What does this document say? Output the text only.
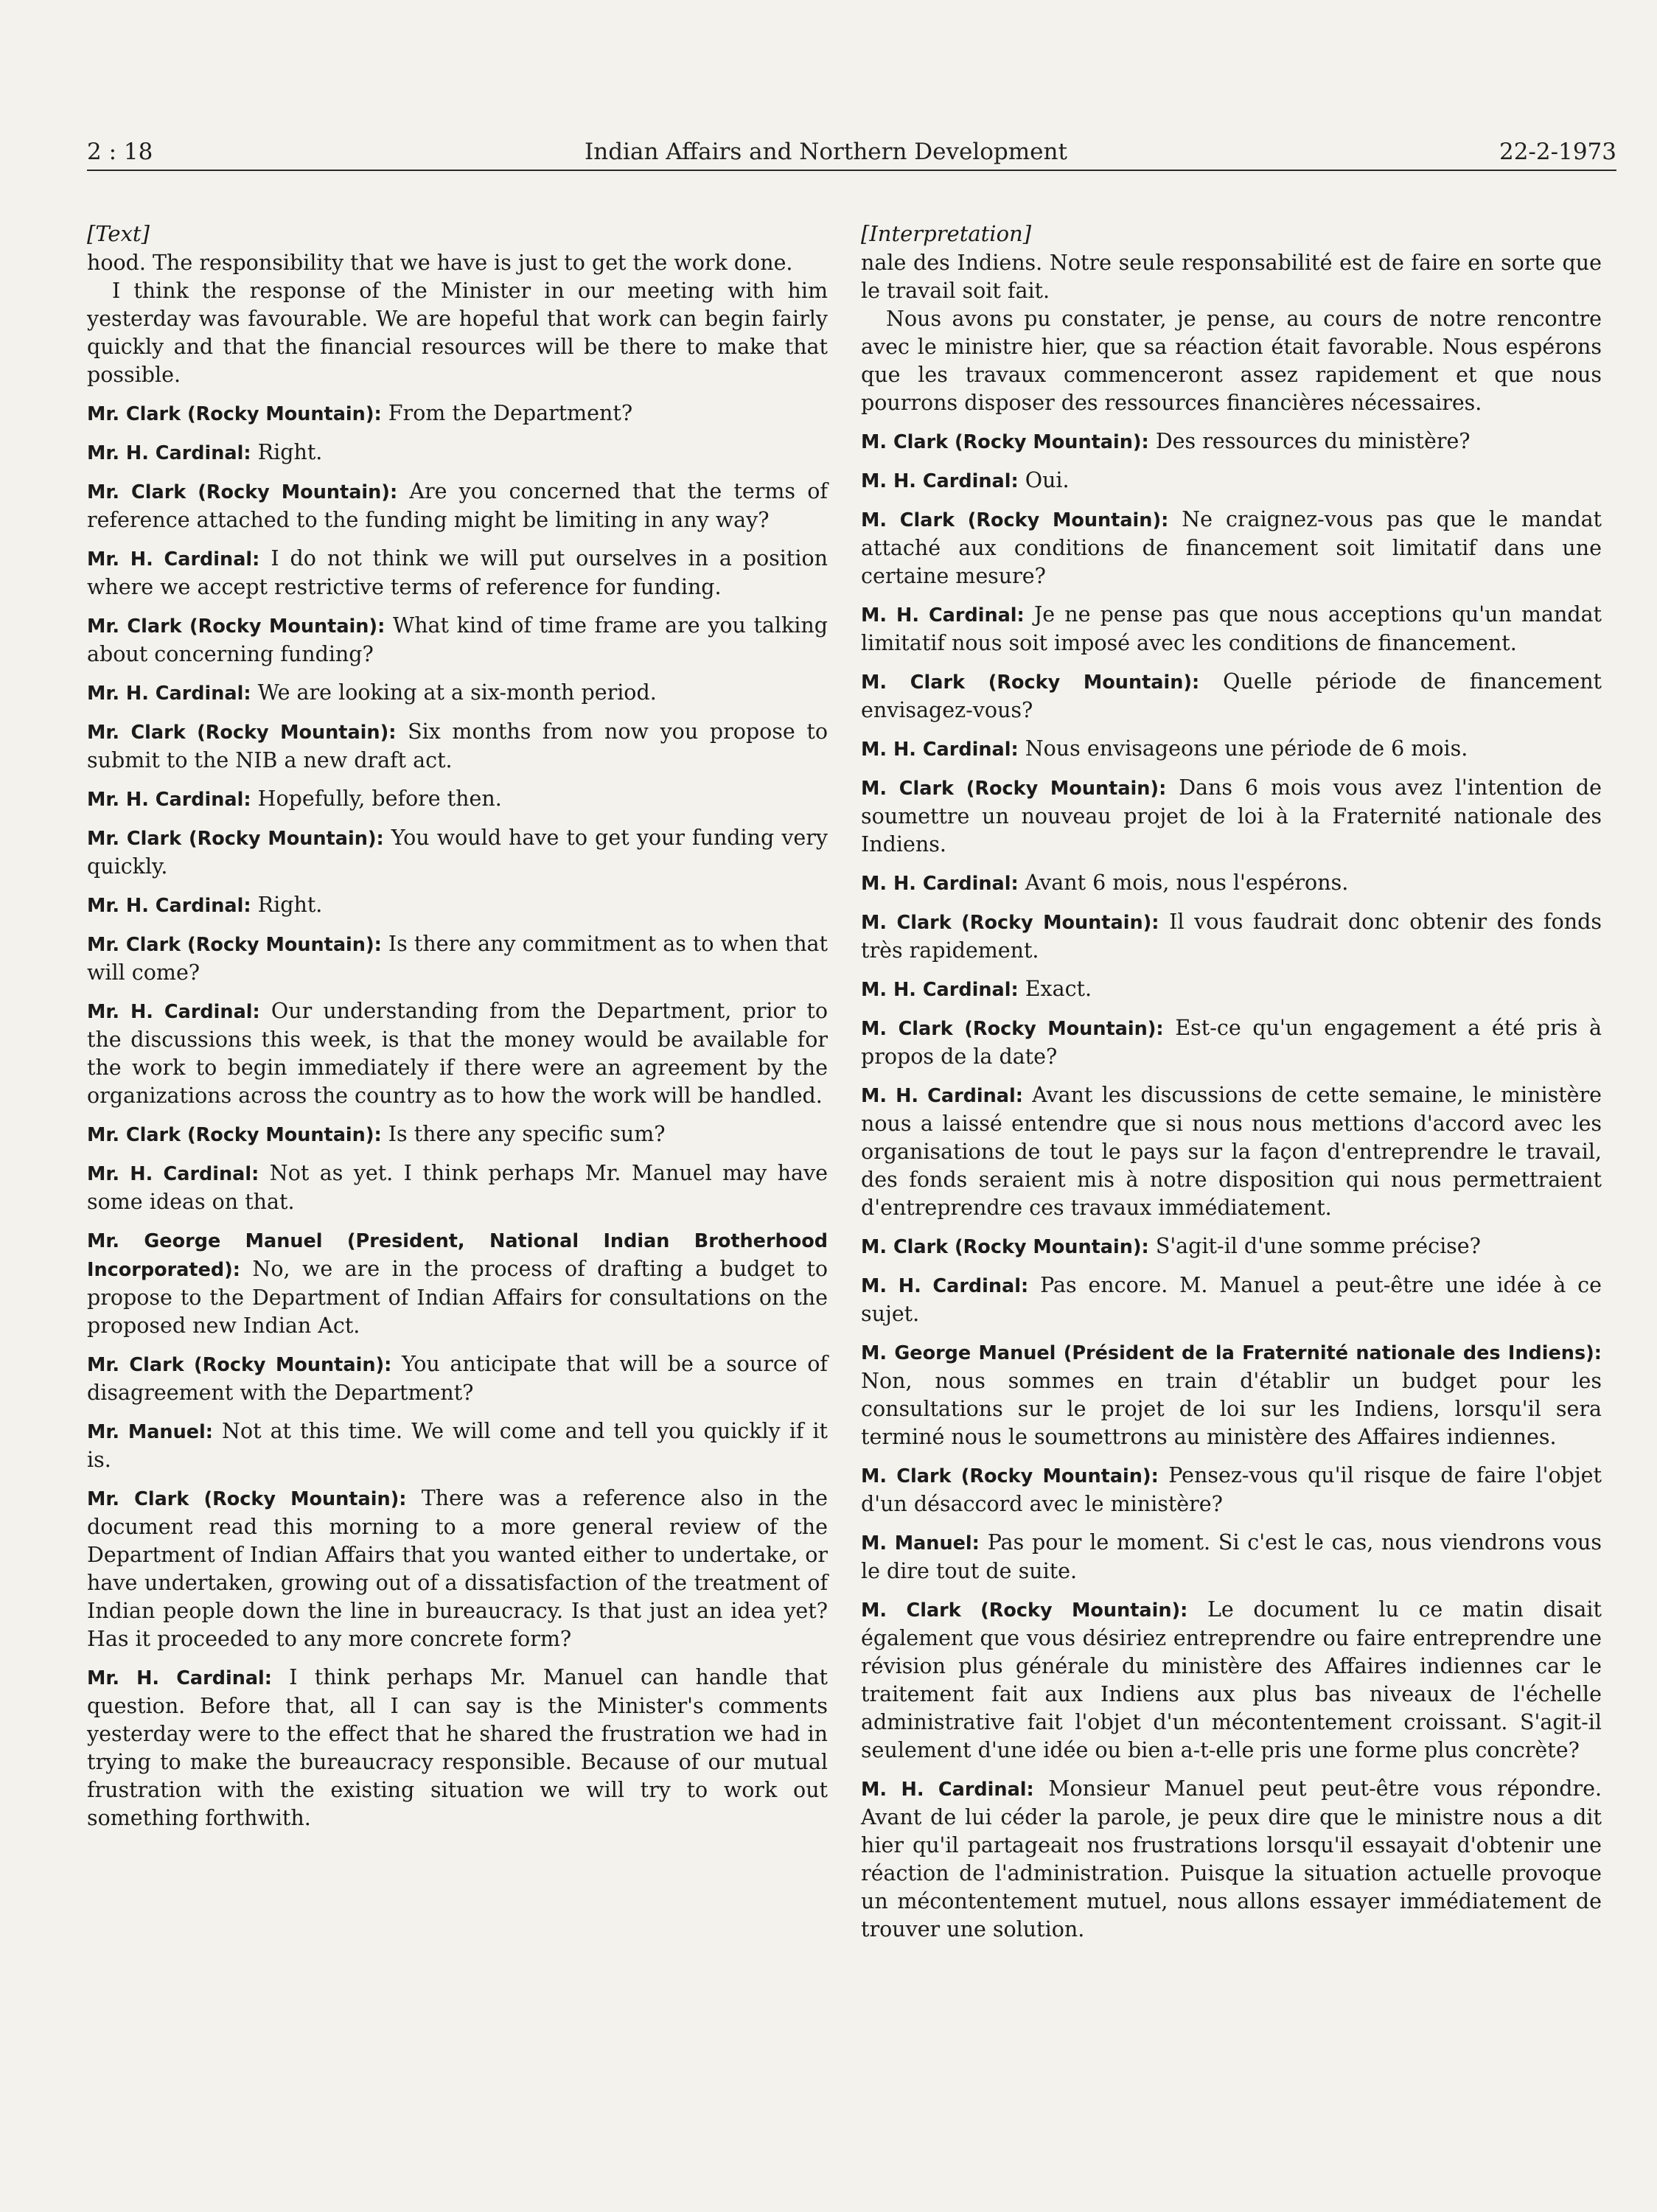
2 : 18	Indian Affairs and Northern Development	22-2-1973
[Text]

hood. The responsibility that we have is just to get the work done.

I think the response of the Minister in our meeting with him yesterday was favourable. We are hopeful that work can begin fairly quickly and that the financial resources will be there to make that possible.

Mr. Clark (Rocky Mountain): From the Department?

Mr. H. Cardinal: Right.

Mr. Clark (Rocky Mountain): Are you concerned that the terms of reference attached to the funding might be limiting in any way?

Mr. H. Cardinal: I do not think we will put ourselves in a position where we accept restrictive terms of reference for funding.

Mr. Clark (Rocky Mountain): What kind of time frame are you talking about concerning funding?

Mr. H. Cardinal: We are looking at a six-month period.

Mr. Clark (Rocky Mountain): Six months from now you propose to submit to the NIB a new draft act.

Mr. H. Cardinal: Hopefully, before then.

Mr. Clark (Rocky Mountain): You would have to get your funding very quickly.

Mr. H. Cardinal: Right.

Mr. Clark (Rocky Mountain): Is there any commitment as to when that will come?

Mr. H. Cardinal: Our understanding from the Department, prior to the discussions this week, is that the money would be available for the work to begin immediately if there were an agreement by the organizations across the country as to how the work will be handled.

Mr. Clark (Rocky Mountain): Is there any specific sum?

Mr. H. Cardinal: Not as yet. I think perhaps Mr. Manuel may have some ideas on that.

Mr. George Manuel (President, National Indian Brotherhood Incorporated): No, we are in the process of drafting a budget to propose to the Department of Indian Affairs for consultations on the proposed new Indian Act.

Mr. Clark (Rocky Mountain): You anticipate that will be a source of disagreement with the Department?

Mr. Manuel: Not at this time. We will come and tell you quickly if it is.

Mr. Clark (Rocky Mountain): There was a reference also in the document read this morning to a more general review of the Department of Indian Affairs that you wanted either to undertake, or have undertaken, growing out of a dissatisfaction of the treatment of Indian people down the line in bureaucracy. Is that just an idea yet? Has it proceeded to any more concrete form?

Mr. H. Cardinal: I think perhaps Mr. Manuel can handle that question. Before that, all I can say is the Minister's comments yesterday were to the effect that he shared the frustration we had in trying to make the bureaucracy responsible. Because of our mutual frustration with the existing situation we will try to work out something forthwith.

[Interpretation]

nale des Indiens. Notre seule responsabilité est de faire en sorte que le travail soit fait.

Nous avons pu constater, je pense, au cours de notre rencontre avec le ministre hier, que sa réaction était favorable. Nous espérons que les travaux commenceront assez rapidement et que nous pourrons disposer des ressources financières nécessaires.

M. Clark (Rocky Mountain): Des ressources du ministère?

M. H. Cardinal: Oui.

M. Clark (Rocky Mountain): Ne craignez-vous pas que le mandat attaché aux conditions de financement soit limitatif dans une certaine mesure?

M. H. Cardinal: Je ne pense pas que nous acceptions qu'un mandat limitatif nous soit imposé avec les conditions de financement.

M. Clark (Rocky Mountain): Quelle période de financement envisagez-vous?

M. H. Cardinal: Nous envisageons une période de 6 mois.

M. Clark (Rocky Mountain): Dans 6 mois vous avez l'intention de soumettre un nouveau projet de loi à la Fraternité nationale des Indiens.

M. H. Cardinal: Avant 6 mois, nous l'espérons.

M. Clark (Rocky Mountain): Il vous faudrait donc obtenir des fonds très rapidement.

M. H. Cardinal: Exact.

M. Clark (Rocky Mountain): Est-ce qu'un engagement a été pris à propos de la date?

M. H. Cardinal: Avant les discussions de cette semaine, le ministère nous a laissé entendre que si nous nous mettions d'accord avec les organisations de tout le pays sur la façon d'entreprendre le travail, des fonds seraient mis à notre disposition qui nous permettraient d'entreprendre ces travaux immédiatement.

M. Clark (Rocky Mountain): S'agit-il d'une somme précise?

M. H. Cardinal: Pas encore. M. Manuel a peut-être une idée à ce sujet.

M. George Manuel (Président de la Fraternité nationale des Indiens): Non, nous sommes en train d'établir un budget pour les consultations sur le projet de loi sur les Indiens, lorsqu'il sera terminé nous le soumettrons au ministère des Affaires indiennes.

M. Clark (Rocky Mountain): Pensez-vous qu'il risque de faire l'objet d'un désaccord avec le ministère?

M. Manuel: Pas pour le moment. Si c'est le cas, nous viendrons vous le dire tout de suite.

M. Clark (Rocky Mountain): Le document lu ce matin disait également que vous désiriez entreprendre ou faire entreprendre une révision plus générale du ministère des Affaires indiennes car le traitement fait aux Indiens aux plus bas niveaux de l'échelle administrative fait l'objet d'un mécontentement croissant. S'agit-il seulement d'une idée ou bien a-t-elle pris une forme plus concrète?

M. H. Cardinal: Monsieur Manuel peut peut-être vous répondre. Avant de lui céder la parole, je peux dire que le ministre nous a dit hier qu'il partageait nos frustrations lorsqu'il essayait d'obtenir une réaction de l'administration. Puisque la situation actuelle provoque un mécontentement mutuel, nous allons essayer immédiatement de trouver une solution.
